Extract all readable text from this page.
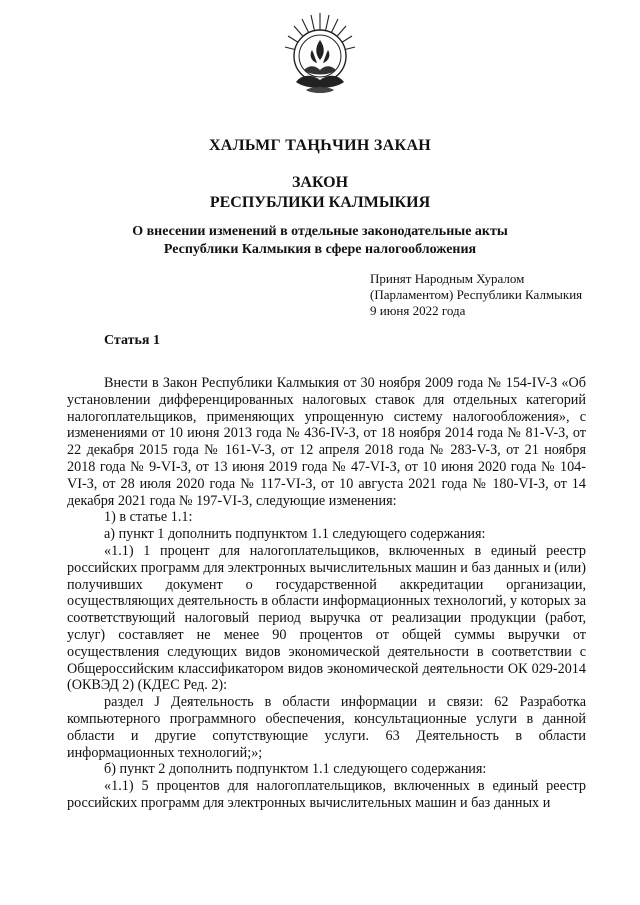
ХАЛЬМГ ТАҢҺЧИН ЗАКАН
ЗАКОН
РЕСПУБЛИКИ КАЛМЫКИЯ
О внесении изменений в отдельные законодательные акты
Республики Калмыкия в сфере налогообложения
Принят Народным Хуралом
(Парламентом) Республики Калмыкия
9 июня 2022 года
Статья 1

Внести в Закон Республики Калмыкия от 30 ноября 2009 года № 154-IV-З «Об установлении дифференцированных налоговых ставок для отдельных категорий налогоплательщиков, применяющих упрощенную систему налогообложения», с изменениями от 10 июня 2013 года № 436-IV-З, от 18 ноября 2014 года № 81-V-З, от 22 декабря 2015 года № 161-V-З, от 12 апреля 2018 года № 283-V-З, от 21 ноября 2018 года № 9-VI-З, от 13 июня 2019 года № 47-VI-З, от 10 июня 2020 года № 104-VI-З, от 28 июля 2020 года № 117-VI-З, от 10 августа 2021 года № 180-VI-З, от 14 декабря 2021 года № 197-VI-З, следующие изменения:

1) в статье 1.1:

а) пункт 1 дополнить подпунктом 1.1 следующего содержания:

«1.1) 1 процент для налогоплательщиков, включенных в единый реестр российских программ для электронных вычислительных машин и баз данных и (или) получивших документ о государственной аккредитации организации, осуществляющих деятельность в области информационных технологий, у которых за соответствующий налоговый период выручка от реализации продукции (работ, услуг) составляет не менее 90 процентов от общей суммы выручки от осуществления следующих видов экономической деятельности в соответствии с Общероссийским классификатором видов экономической деятельности ОК 029-2014 (ОКВЭД 2) (КДЕС Ред. 2):

раздел J Деятельность в области информации и связи: 62 Разработка компьютерного программного обеспечения, консультационные услуги в данной области и другие сопутствующие услуги. 63 Деятельность в области информационных технологий;»;

б) пункт 2 дополнить подпунктом 1.1 следующего содержания:

«1.1) 5 процентов для налогоплательщиков, включенных в единый реестр российских программ для электронных вычислительных машин и баз данных и
